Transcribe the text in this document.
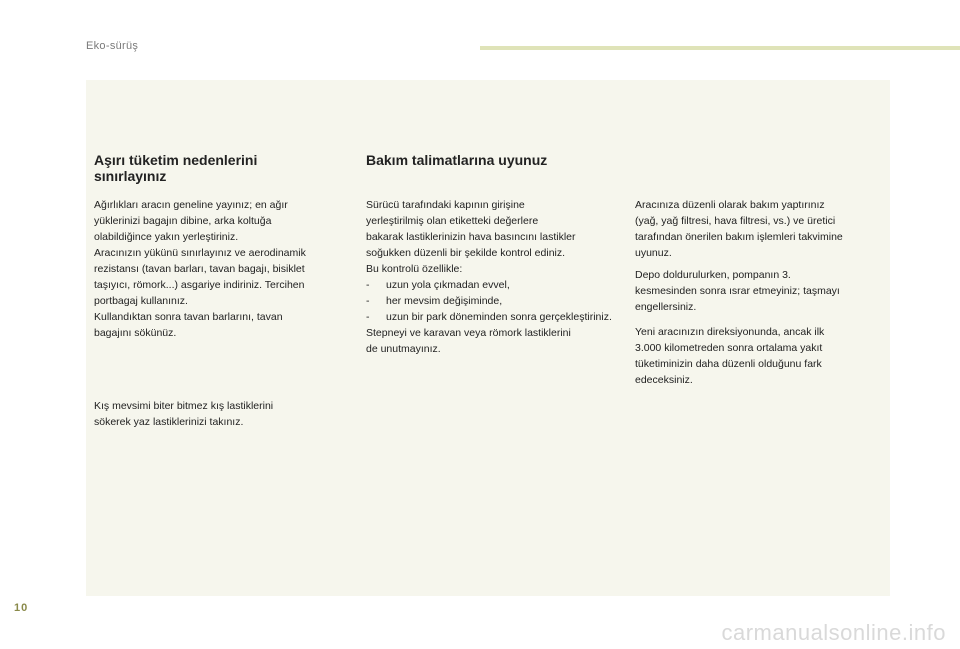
Eko-sürüş
Aşırı tüketim nedenlerini sınırlayınız
Ağırlıkları aracın geneline yayınız; en ağır
yüklerinizi bagajın dibine, arka koltuğa
olabildiğince yakın yerleştiriniz.
Aracınızın yükünü sınırlayınız ve aerodinamik
rezistansı (tavan barları, tavan bagajı, bisiklet
taşıyıcı, römork...) asgariye indiriniz. Tercihen
portbagaj kullanınız.
Kullandıktan sonra tavan barlarını, tavan
bagajını sökünüz.
Kış mevsimi biter bitmez kış lastiklerini
sökerek yaz lastiklerinizi takınız.
Bakım talimatlarına uyunuz
Sürücü tarafındaki kapının girişine
yerleştirilmiş olan etiketteki değerlere
bakarak lastiklerinizin hava basıncını lastikler
soğukken düzenli bir şekilde kontrol ediniz.
Bu kontrolü özellikle:
- uzun yola çıkmadan evvel,
- her mevsim değişiminde,
- uzun bir park döneminden sonra gerçekleştiriniz.
Stepneyi ve karavan veya römork lastiklerini
de unutmayınız.
Aracınıza düzenli olarak bakım yaptırınız
(yağ, yağ filtresi, hava filtresi, vs.) ve üretici
tarafından önerilen bakım işlemleri takvimine
uyunuz.
Depo doldurulurken, pompanın 3.
kesmesinden sonra ısrar etmeyiniz; taşmayı
engellersiniz.
Yeni aracınızın direksiyonunda, ancak ilk
3.000 kilometreden sonra ortalama yakıt
tüketiminizin daha düzenli olduğunu fark
edeceksiniz.
10
carmanualsonline.info
